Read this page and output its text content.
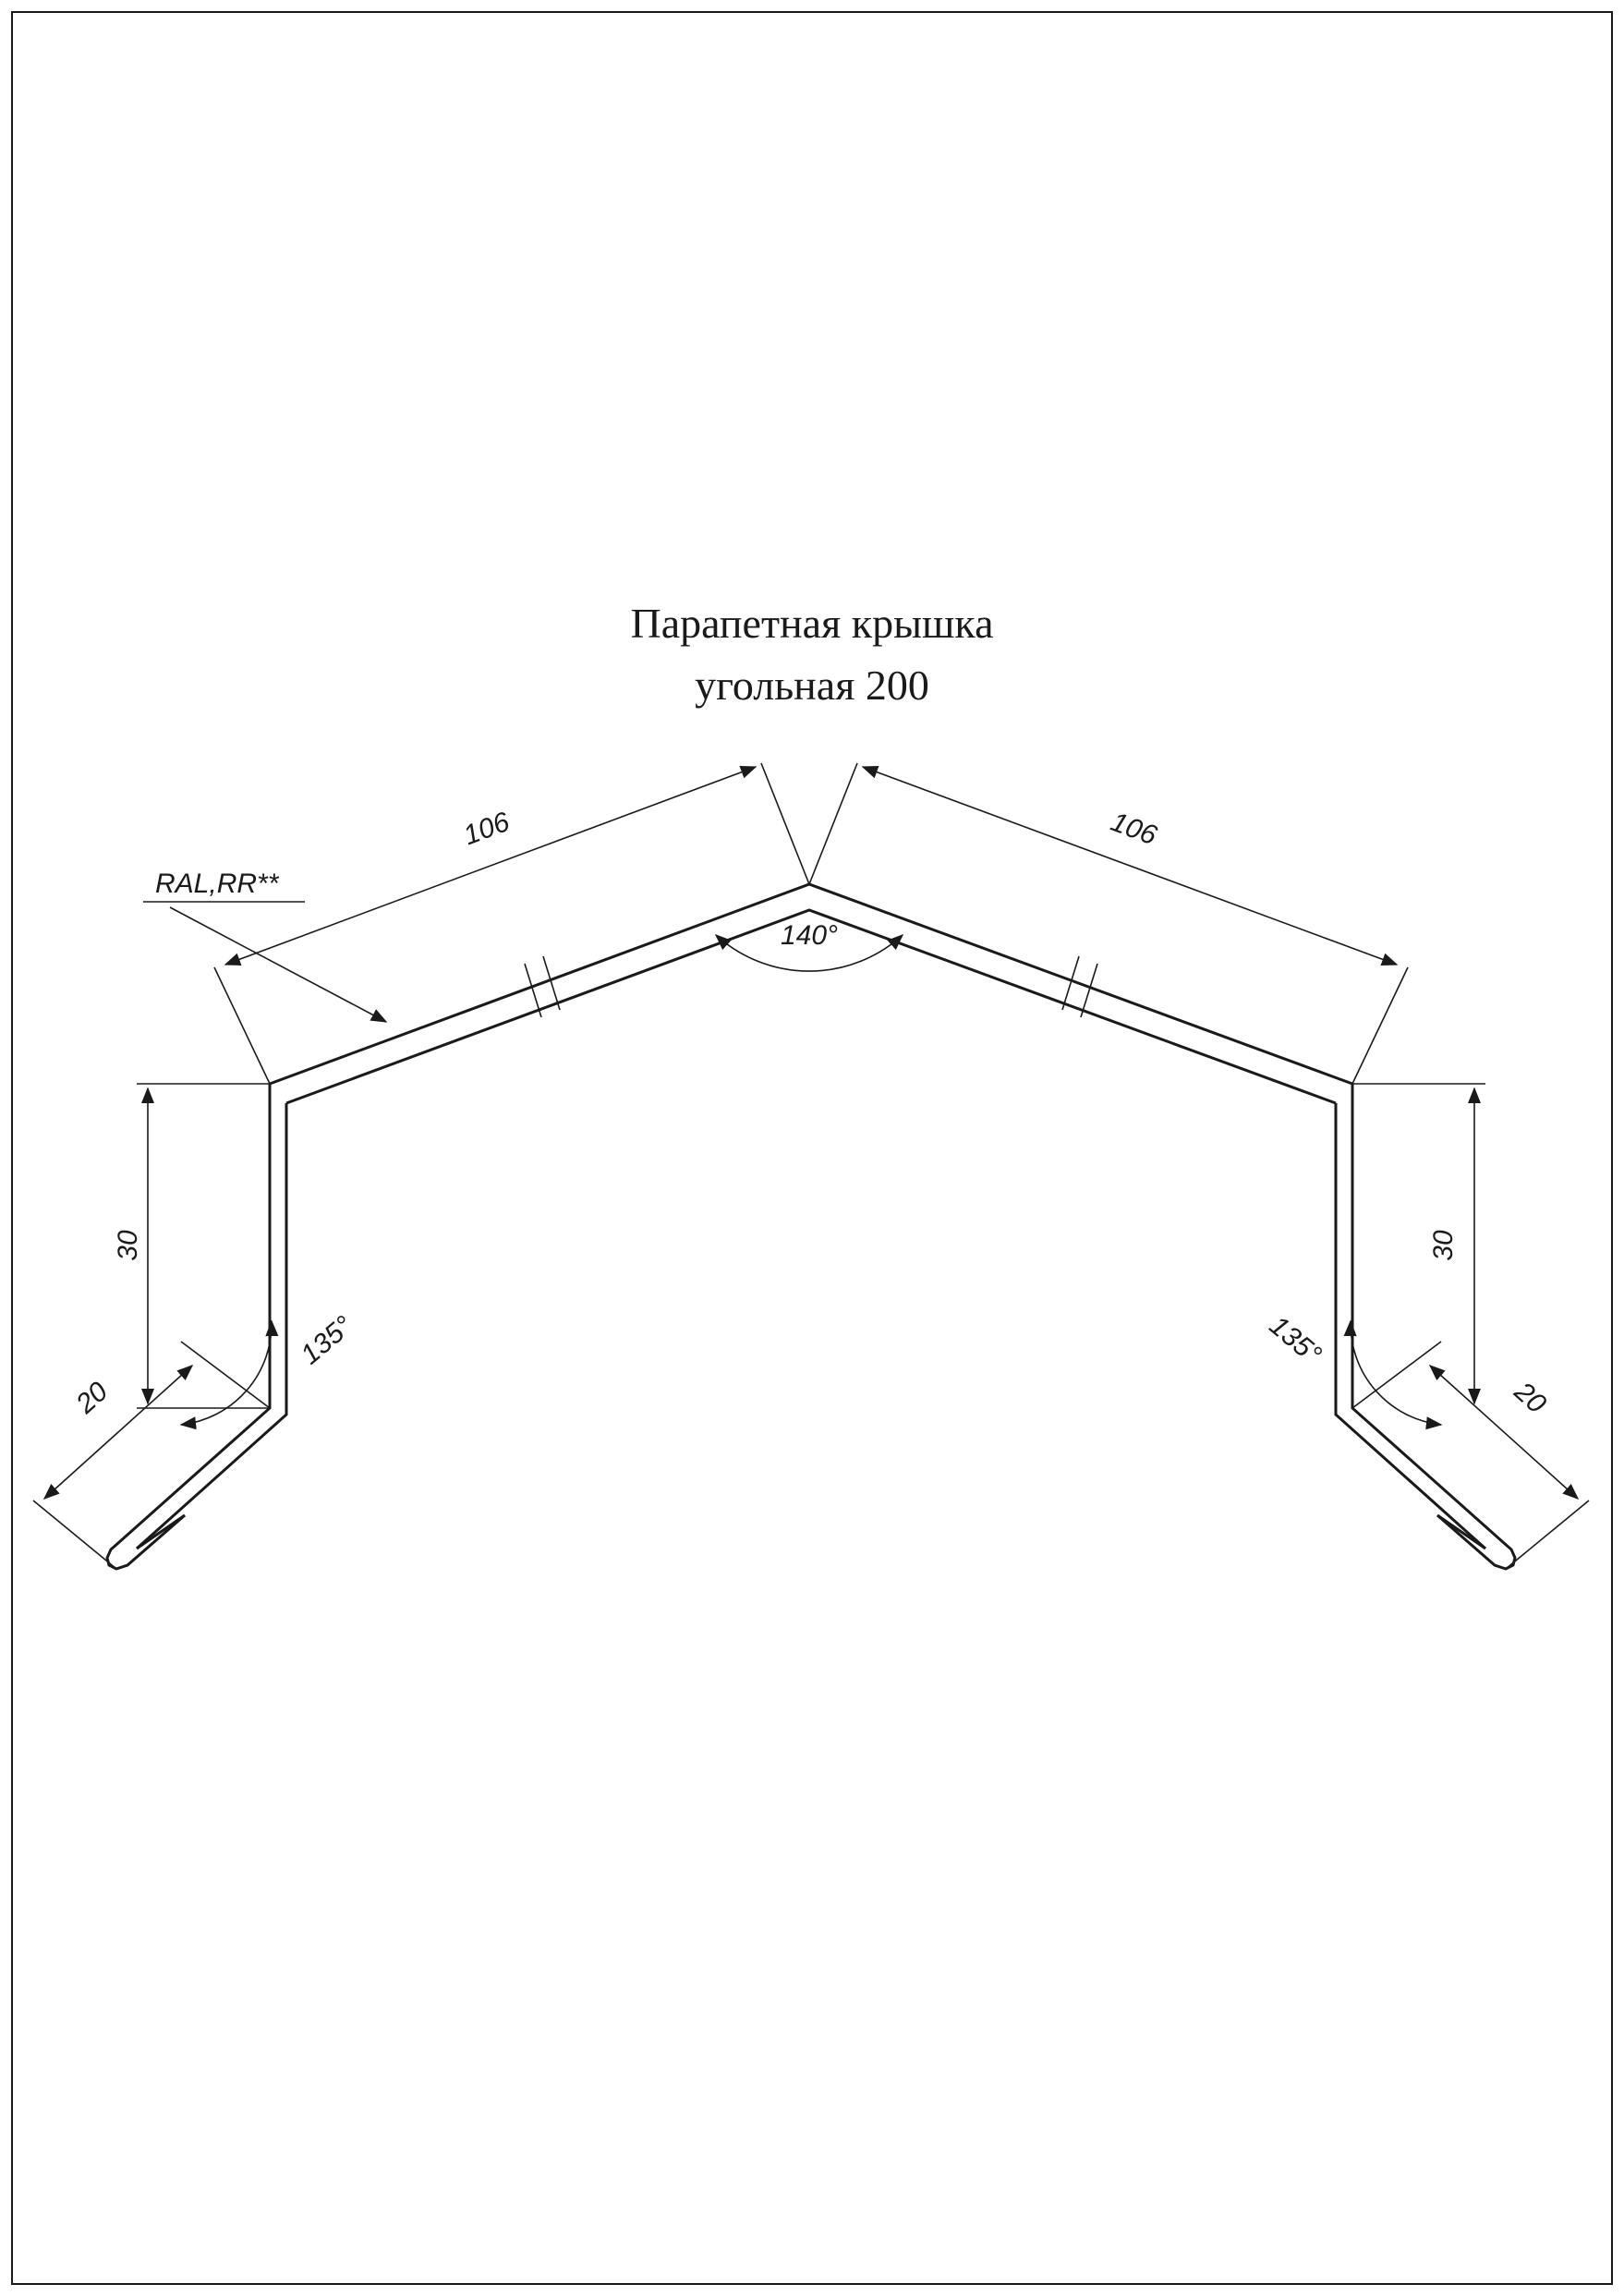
Парапетная крышка
угольная 200
106	106
140°
RAL,RR**
30	30
20	20
135°	135°
